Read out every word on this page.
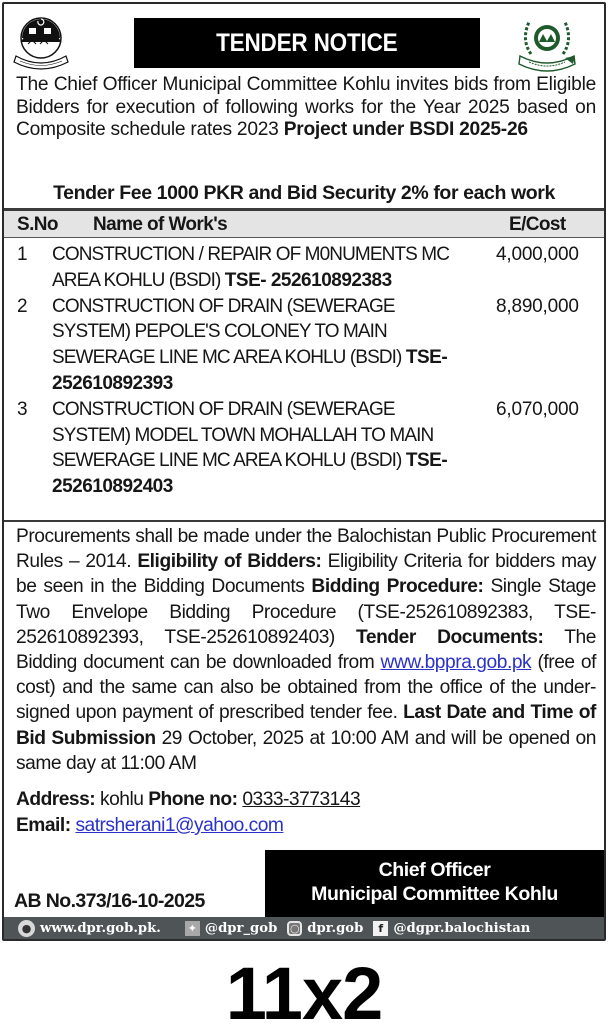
TENDER NOTICE

The Chief Officer Municipal Committee Kohlu invites bids from Eligible Bidders for execution of following works for the Year 2025 based on Composite schedule rates 2023 Project under BSDI 2025-26

Tender Fee 1000 PKR and Bid Security 2% for each work
S.No Name of Work's	E/Cost
1 CONSTRUCTION / REPAIR OF M0NUMENTS MC AREA KOHLU (BSDI) TSE- 252610892383
4,000,000
2 CONSTRUCTION OF DRAIN (SEWERAGE SYSTEM) PEPOLE'S COLONEY TO MAIN SEWERAGE LINE MC AREA KOHLU (BSDI) TSE- 252610892393
8,890,000
3 CONSTRUCTION OF DRAIN (SEWERAGE SYSTEM) MODEL TOWN MOHALLAH TO MAIN SEWERAGE LINE MC AREA KOHLU (BSDI) TSE- 252610892403
6,070,000

Procurements shall be made under the Balochistan Public Procurement Rules – 2014. Eligibility of Bidders: Eligibility Criteria for bidders may be seen in the Bidding Documents Bidding Procedure: Single Stage Two Envelope Bidding Procedure (TSE-252610892383, TSE- 252610892393, TSE-252610892403) Tender Documents: The Bidding document can be downloaded from www.bppra.gob.pk (free of cost) and the same can also be obtained from the office of the under-signed upon payment of prescribed tender fee. Last Date and Time of Bid Submission 29 October, 2025 at 10:00 AM and will be opened on same day at 11:00 AM

Address: kohlu Phone no: 0333-3773143
Email: satrsherani1@yahoo.com
Chief Officer
Municipal Committee Kohlu
AB No.373/16-10-2025
● www.dpr.gob.pk. ✦ @dpr_gob ○ dpr.gob	f @dgpr.balochistan
11x2
